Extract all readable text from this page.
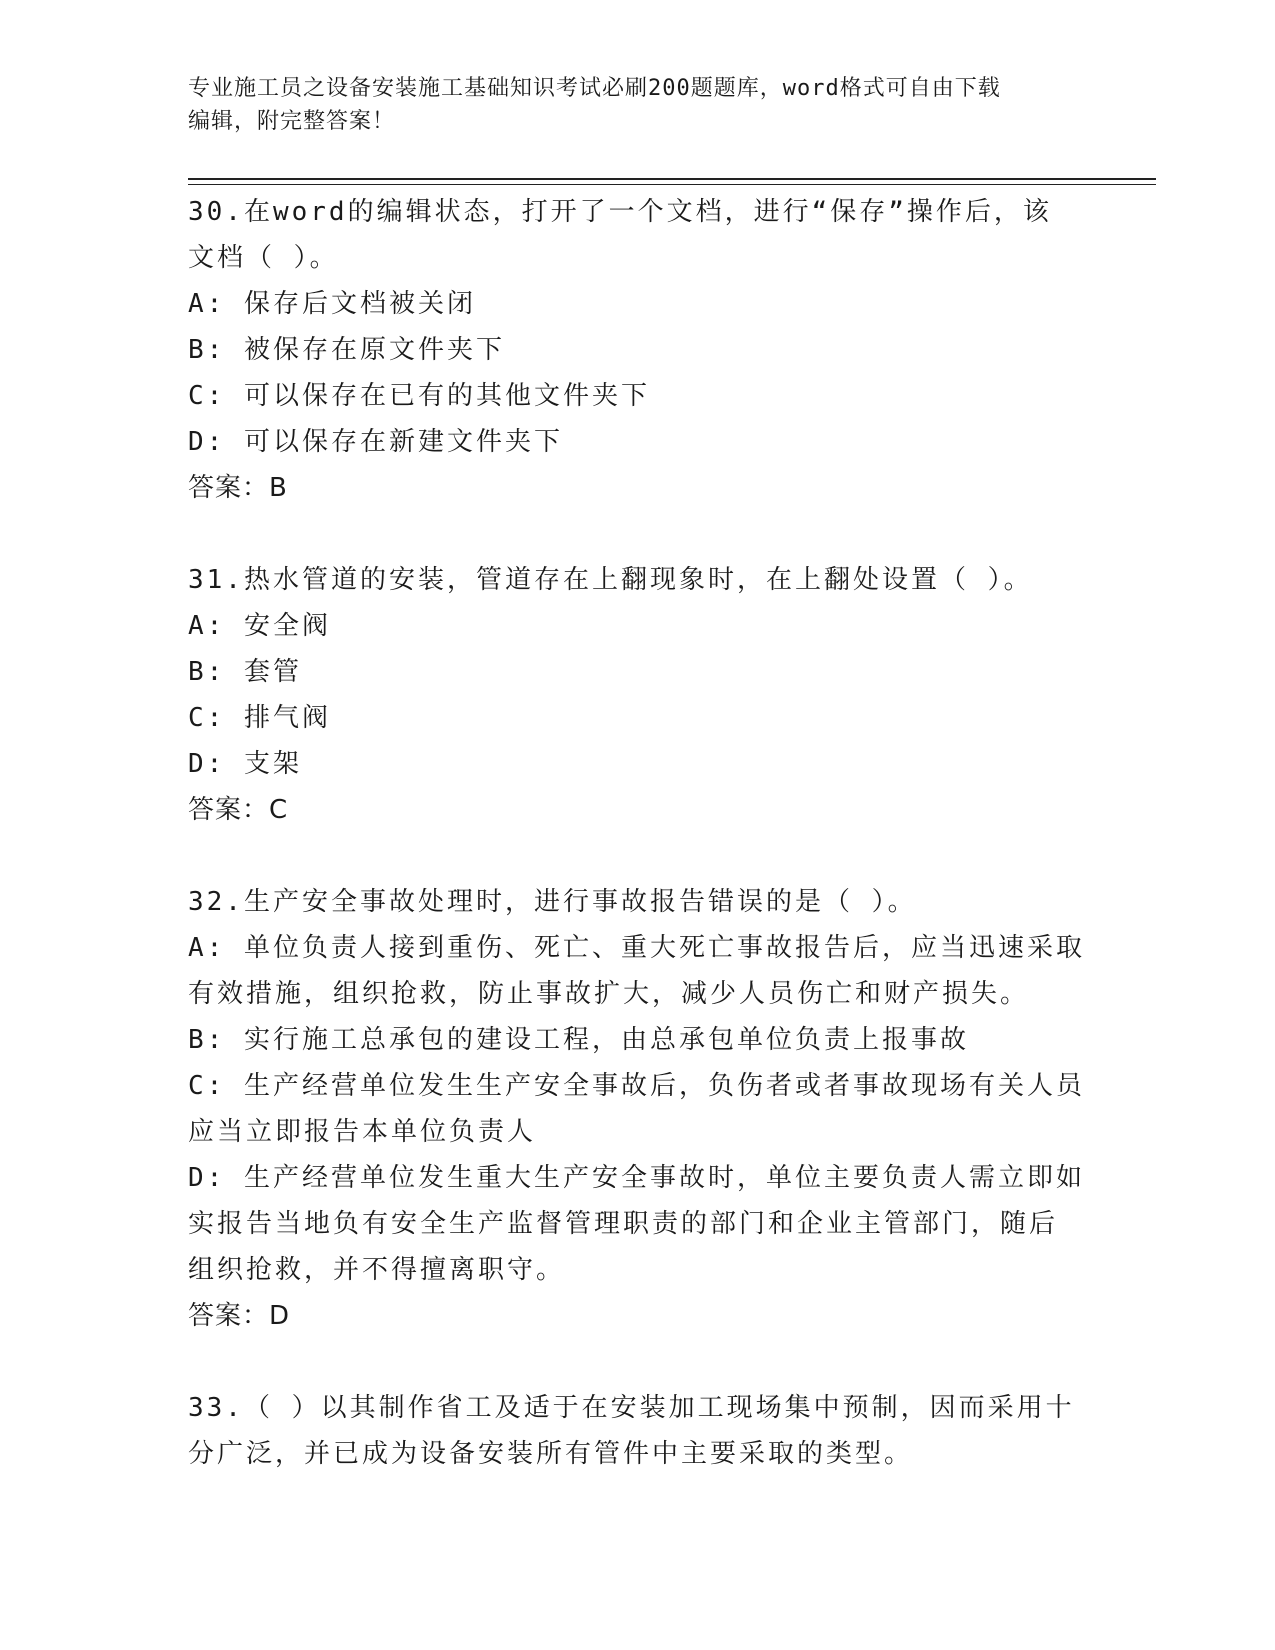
专业施工员之设备安装施工基础知识考试必刷200题题库，word格式可自由下载
编辑，附完整答案！
30.在word的编辑状态，打开了一个文档，进行“保存”操作后，该
文档（ ）。
A: 保存后文档被关闭
B: 被保存在原文件夹下
C: 可以保存在已有的其他文件夹下
D: 可以保存在新建文件夹下
答案：B
31.热水管道的安装，管道存在上翻现象时，在上翻处设置（ ）。
A: 安全阀
B: 套管
C: 排气阀
D: 支架
答案：C
32.生产安全事故处理时，进行事故报告错误的是（ ）。
A: 单位负责人接到重伤、死亡、重大死亡事故报告后，应当迅速采取
有效措施，组织抢救，防止事故扩大，减少人员伤亡和财产损失。
B: 实行施工总承包的建设工程，由总承包单位负责上报事故
C: 生产经营单位发生生产安全事故后，负伤者或者事故现场有关人员
应当立即报告本单位负责人
D: 生产经营单位发生重大生产安全事故时，单位主要负责人需立即如
实报告当地负有安全生产监督管理职责的部门和企业主管部门，随后
组织抢救，并不得擅离职守。
答案：D
33.（ ）以其制作省工及适于在安装加工现场集中预制，因而采用十
分广泛，并已成为设备安装所有管件中主要采取的类型。
